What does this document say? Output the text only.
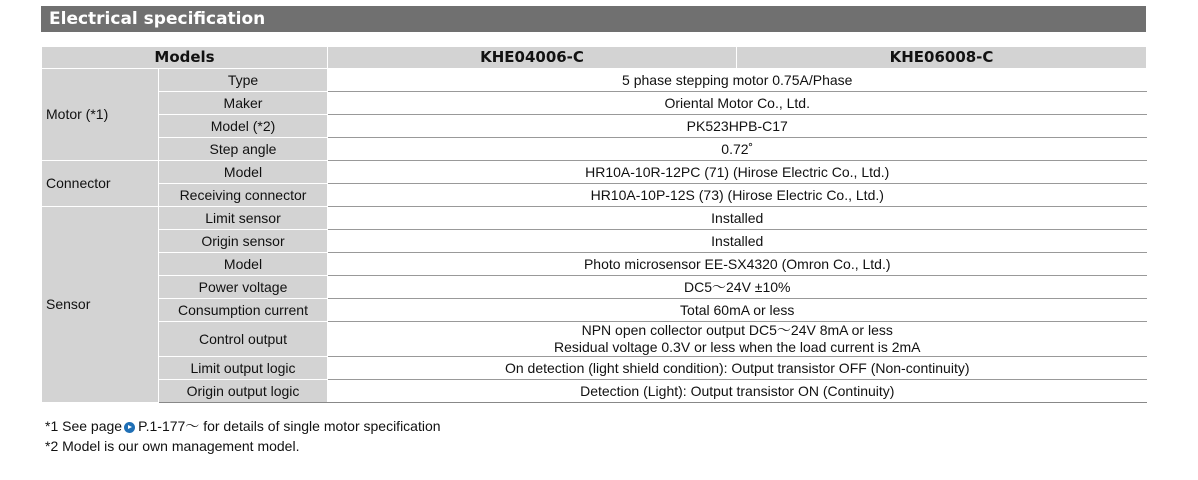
Electrical specification
Models		KHE04006-C	KHE06008-C
Motor (*1)	Type	5 phase stepping motor 0.75A/Phase	
	Maker	Oriental Motor Co., Ltd.	
	Model (*2)	PK523HPB-C17	
	Step angle	0.72˚	
Connector	Model	HR10A-10R-12PC (71) (Hirose Electric Co., Ltd.)	
	Receiving connector	HR10A-10P-12S (73) (Hirose Electric Co., Ltd.)	
Sensor	Limit sensor	Installed	
	Origin sensor	Installed	
	Model	Photo microsensor EE-SX4320 (Omron Co., Ltd.)	
	Power voltage	DC5～24V ±10%	
	Consumption current	Total 60mA or less	
	Control output	NPN open collector output DC5～24V 8mA or less
Residual voltage 0.3V or less when the load current is 2mA	

	Limit output logic	On detection (light shield condition): Output transistor OFF (Non-continuity)	
	Origin output logic	Detection (Light): Output transistor ON (Continuity)	
*1 See page P.1-177～ for details of single motor specification
*2 Model is our own management model.
